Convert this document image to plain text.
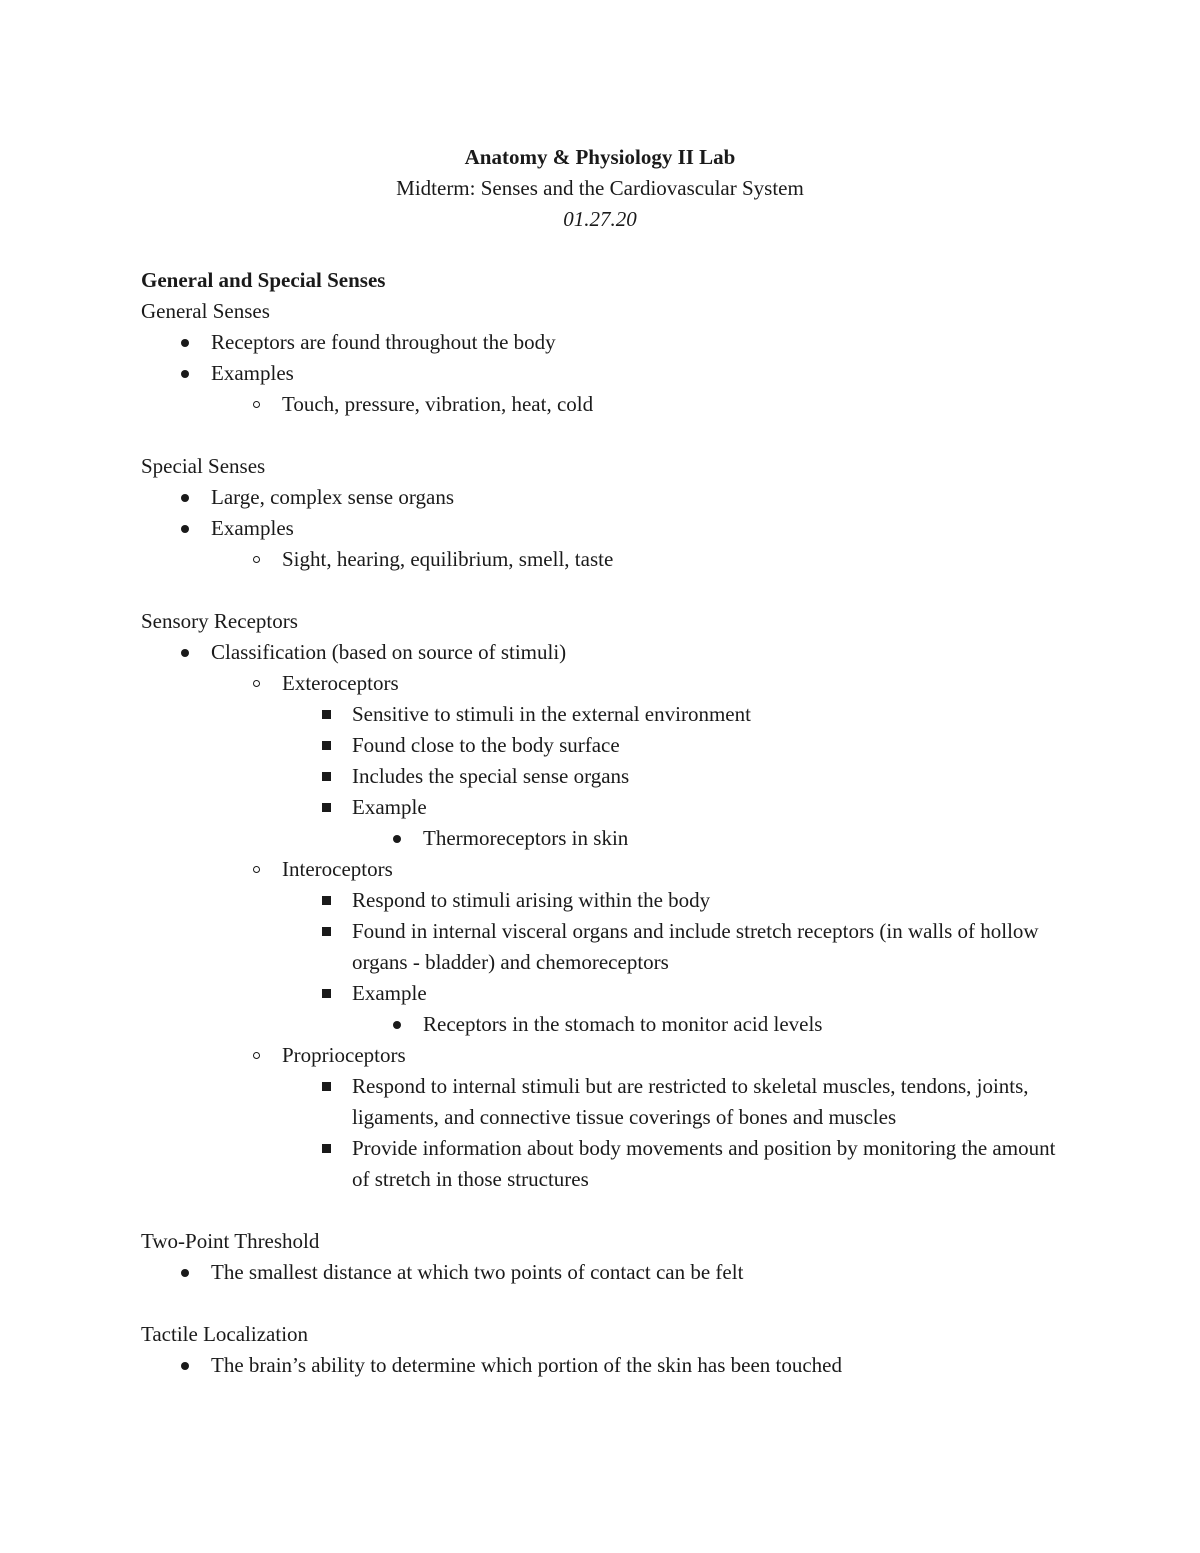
Anatomy & Physiology II Lab
Midterm: Senses and the Cardiovascular System
01.27.20
General and Special Senses
General Senses
Receptors are found throughout the body
Examples
Touch, pressure, vibration, heat, cold
Special Senses
Large, complex sense organs
Examples
Sight, hearing, equilibrium, smell, taste
Sensory Receptors
Classification (based on source of stimuli)
Exteroceptors
Sensitive to stimuli in the external environment
Found close to the body surface
Includes the special sense organs
Example
Thermoreceptors in skin
Interoceptors
Respond to stimuli arising within the body
Found in internal visceral organs and include stretch receptors (in walls of hollow organs - bladder) and chemoreceptors
Example
Receptors in the stomach to monitor acid levels
Proprioceptors
Respond to internal stimuli but are restricted to skeletal muscles, tendons, joints, ligaments, and connective tissue coverings of bones and muscles
Provide information about body movements and position by monitoring the amount of stretch in those structures
Two-Point Threshold
The smallest distance at which two points of contact can be felt
Tactile Localization
The brain’s ability to determine which portion of the skin has been touched
